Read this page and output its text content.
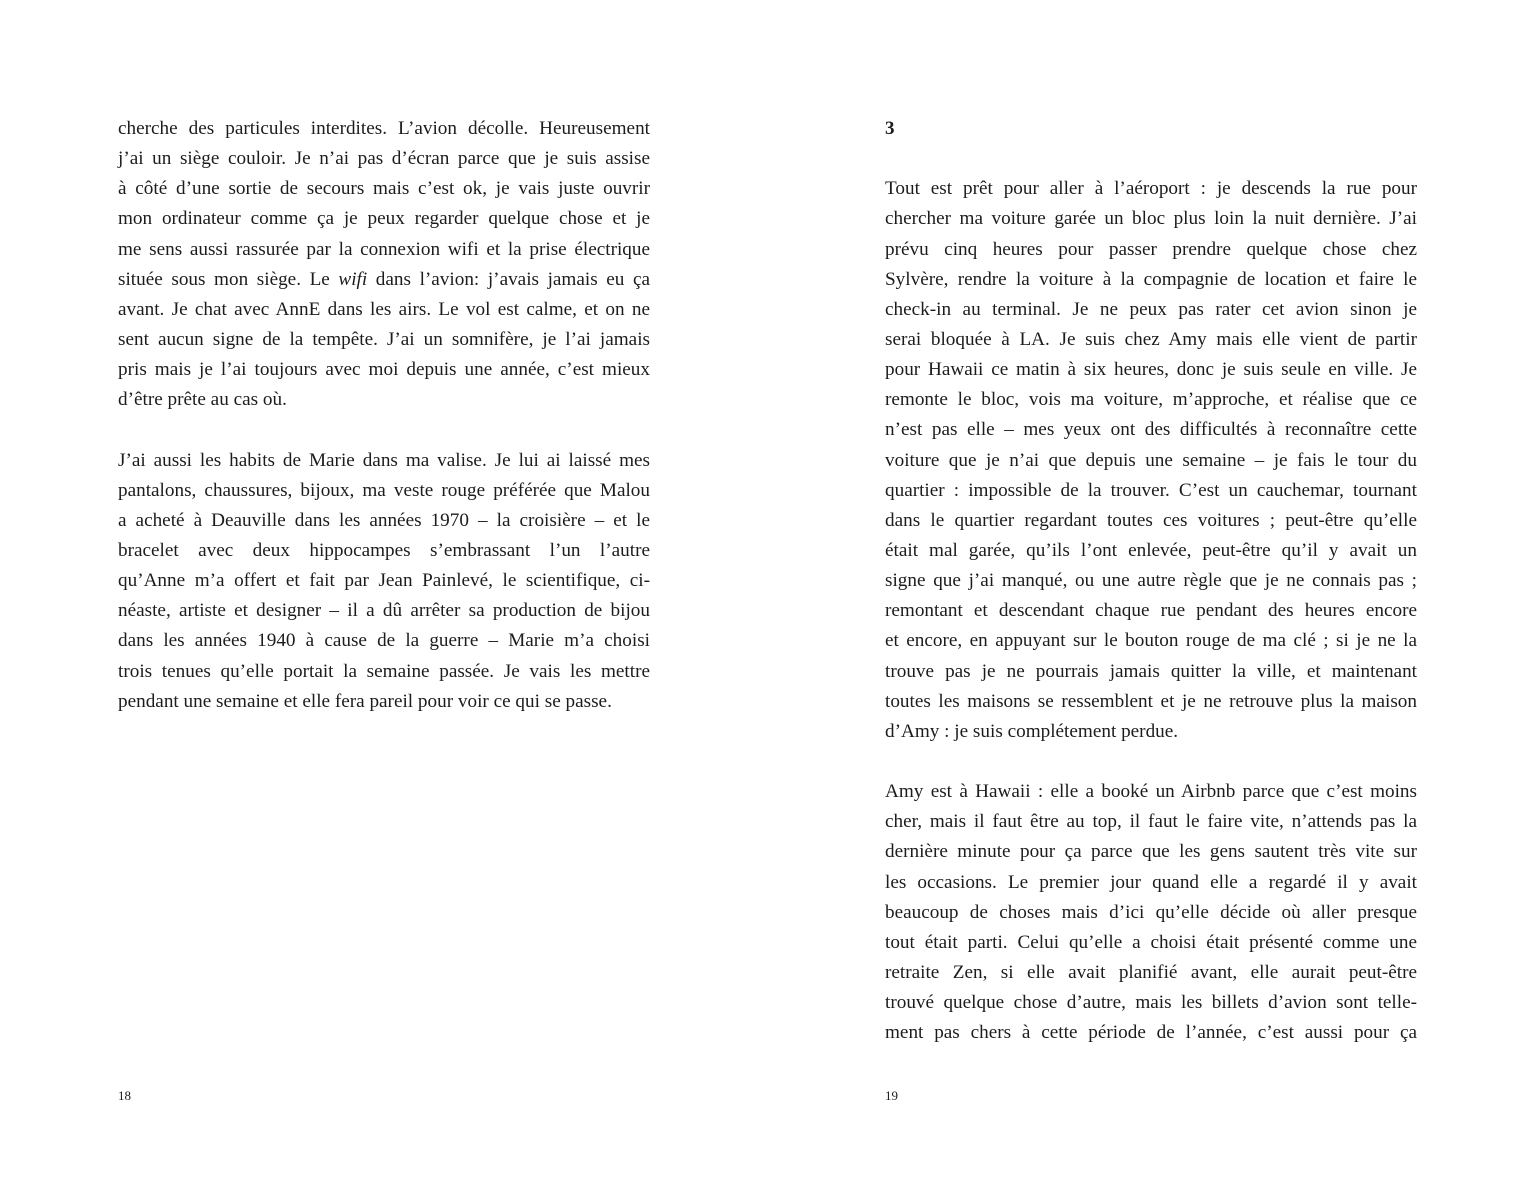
cherche des particules interdites. L’avion décolle. Heureusement
j’ai un siège couloir. Je n’ai pas d’écran parce que je suis assise
à côté d’une sortie de secours mais c’est ok, je vais juste ouvrir
mon ordinateur comme ça je peux regarder quelque chose et je
me sens aussi rassurée par la connexion wifi et la prise électrique
située sous mon siège. Le wifi dans l’avion: j’avais jamais eu ça
avant. Je chat avec AnnE dans les airs. Le vol est calme, et on ne
sent aucun signe de la tempête. J’ai un somnifère, je l’ai jamais
pris mais je l’ai toujours avec moi depuis une année, c’est mieux
d’être prête au cas où.
J’ai aussi les habits de Marie dans ma valise. Je lui ai laissé mes
pantalons, chaussures, bijoux, ma veste rouge préférée que Malou
a acheté à Deauville dans les années 1970 – la croisière – et le
bracelet avec deux hippocampes s’embrassant l’un l’autre
qu’Anne m’a offert et fait par Jean Painlevé, le scientifique, ci-
néaste, artiste et designer – il a dû arrêter sa production de bijou
dans les années 1940 à cause de la guerre – Marie m’a choisi
trois tenues qu’elle portait la semaine passée. Je vais les mettre
pendant une semaine et elle fera pareil pour voir ce qui se passe.
18
3
Tout est prêt pour aller à l’aéroport : je descends la rue pour
chercher ma voiture garée un bloc plus loin la nuit dernière. J’ai
prévu cinq heures pour passer prendre quelque chose chez
Sylvère, rendre la voiture à la compagnie de location et faire le
check-in au terminal. Je ne peux pas rater cet avion sinon je
serai bloquée à LA. Je suis chez Amy mais elle vient de partir
pour Hawaii ce matin à six heures, donc je suis seule en ville. Je
remonte le bloc, vois ma voiture, m’approche, et réalise que ce
n’est pas elle – mes yeux ont des difficultés à reconnaître cette
voiture que je n’ai que depuis une semaine – je fais le tour du
quartier : impossible de la trouver. C’est un cauchemar, tournant
dans le quartier regardant toutes ces voitures ; peut-être qu’elle
était mal garée, qu’ils l’ont enlevée, peut-être qu’il y avait un
signe que j’ai manqué, ou une autre règle que je ne connais pas ;
remontant et descendant chaque rue pendant des heures encore
et encore, en appuyant sur le bouton rouge de ma clé ; si je ne la
trouve pas je ne pourrais jamais quitter la ville, et maintenant
toutes les maisons se ressemblent et je ne retrouve plus la maison
d’Amy : je suis complétement perdue.
Amy est à Hawaii : elle a booké un Airbnb parce que c’est moins
cher, mais il faut être au top, il faut le faire vite, n’attends pas la
dernière minute pour ça parce que les gens sautent très vite sur
les occasions. Le premier jour quand elle a regardé il y avait
beaucoup de choses mais d’ici qu’elle décide où aller presque
tout était parti. Celui qu’elle a choisi était présenté comme une
retraite Zen, si elle avait planifié avant, elle aurait peut-être
trouvé quelque chose d’autre, mais les billets d’avion sont telle-
ment pas chers à cette période de l’année, c’est aussi pour ça
19
